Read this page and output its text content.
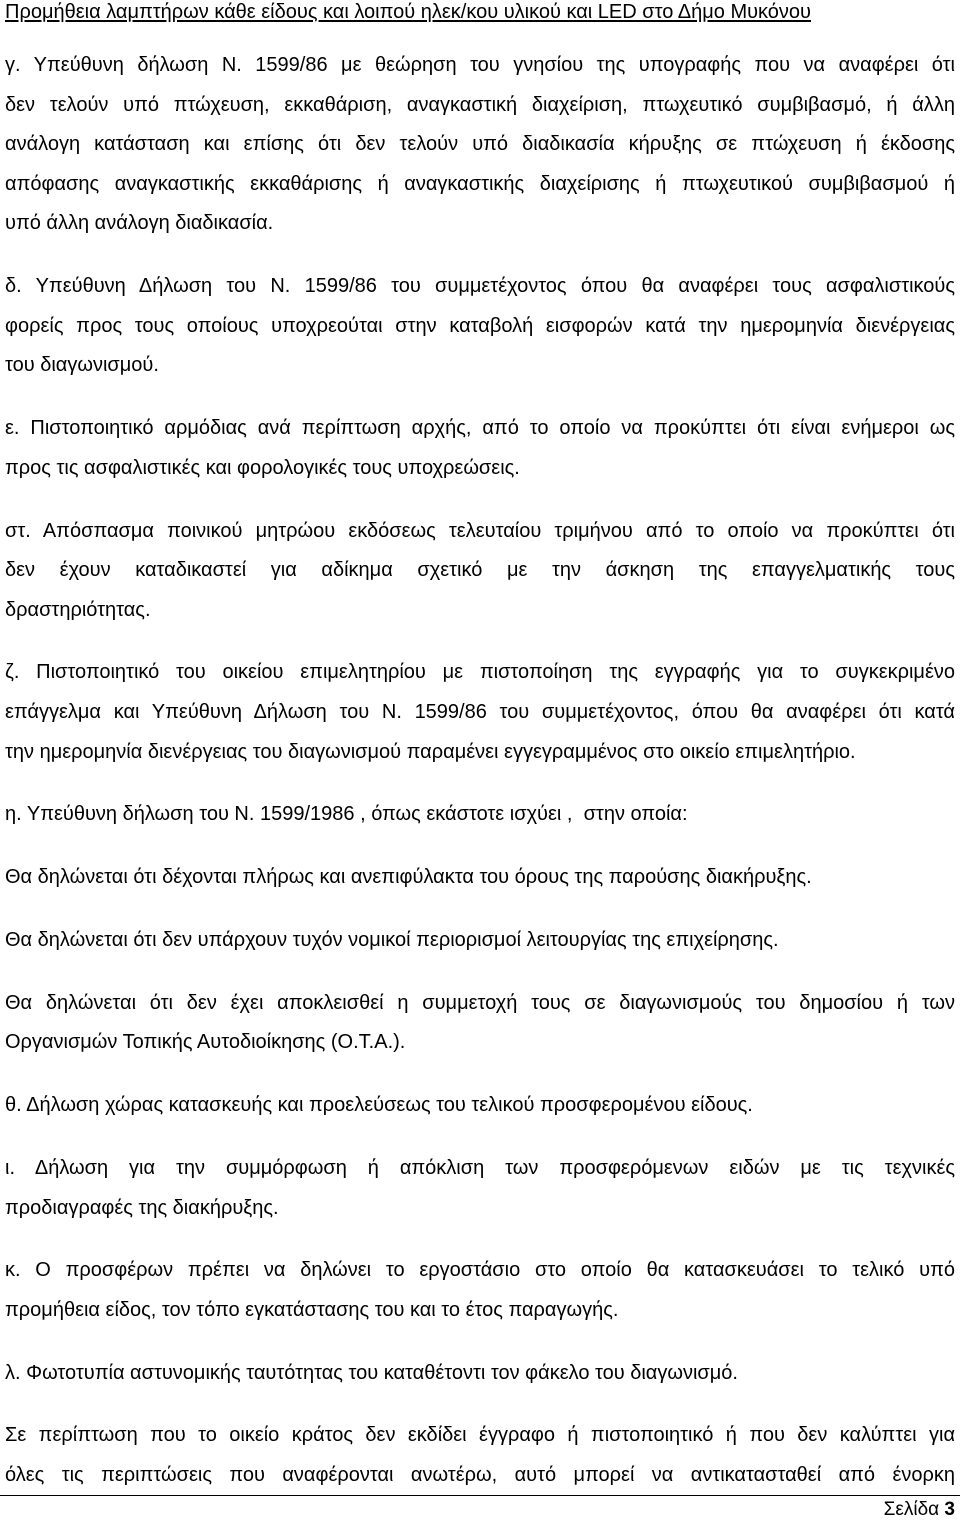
Προμήθεια λαμπτήρων κάθε είδους και λοιπού ηλεκ/κου υλικού και LED στο Δήμο Μυκόνου
γ. Υπεύθυνη δήλωση Ν. 1599/86 με θεώρηση του γνησίου της υπογραφής που να αναφέρει ότι
δεν τελούν υπό πτώχευση, εκκαθάριση, αναγκαστική διαχείριση, πτωχευτικό συμβιβασμό, ή άλλη
ανάλογη κατάσταση και επίσης ότι δεν τελούν υπό διαδικασία κήρυξης σε πτώχευση ή έκδοσης
απόφασης αναγκαστικής εκκαθάρισης ή αναγκαστικής διαχείρισης ή πτωχευτικού συμβιβασμού ή
υπό άλλη ανάλογη διαδικασία.
δ. Υπεύθυνη Δήλωση του Ν. 1599/86 του συμμετέχοντος όπου θα αναφέρει τους ασφαλιστικούς
φορείς προς τους οποίους υποχρεούται στην καταβολή εισφορών κατά την ημερομηνία διενέργειας
του διαγωνισμού.
ε. Πιστοποιητικό αρμόδιας ανά περίπτωση αρχής, από το οποίο να προκύπτει ότι είναι ενήμεροι ως
προς τις ασφαλιστικές και φορολογικές τους υποχρεώσεις.
στ. Απόσπασμα ποινικού μητρώου εκδόσεως τελευταίου τριμήνου από το οποίο να προκύπτει ότι
δεν έχουν καταδικαστεί για αδίκημα σχετικό με την άσκηση της επαγγελματικής τους
δραστηριότητας.
ζ. Πιστοποιητικό του οικείου επιμελητηρίου με πιστοποίηση της εγγραφής για το συγκεκριμένο
επάγγελμα και Υπεύθυνη Δήλωση του Ν. 1599/86 του συμμετέχοντος, όπου θα αναφέρει ότι κατά
την ημερομηνία διενέργειας του διαγωνισμού παραμένει εγγεγραμμένος στο οικείο επιμελητήριο.
η. Υπεύθυνη δήλωση του Ν. 1599/1986 , όπως εκάστοτε ισχύει ,  στην οποία:
Θα δηλώνεται ότι δέχονται πλήρως και ανεπιφύλακτα του όρους της παρούσης διακήρυξης.
Θα δηλώνεται ότι δεν υπάρχουν τυχόν νομικοί περιορισμοί λειτουργίας της επιχείρησης.
Θα δηλώνεται ότι δεν έχει αποκλεισθεί η συμμετοχή τους σε διαγωνισμούς του δημοσίου ή των
Οργανισμών Τοπικής Αυτοδιοίκησης (Ο.Τ.Α.).
θ. Δήλωση χώρας κατασκευής και προελεύσεως του τελικού προσφερομένου είδους.
ι. Δήλωση για την συμμόρφωση ή απόκλιση των προσφερόμενων ειδών με τις τεχνικές
προδιαγραφές της διακήρυξης.
κ. Ο προσφέρων πρέπει να δηλώνει το εργοστάσιο στο οποίο θα κατασκευάσει το τελικό υπό
προμήθεια είδος, τον τόπο εγκατάστασης του και το έτος παραγωγής.
λ. Φωτοτυπία αστυνομικής ταυτότητας του καταθέτοντι τον φάκελο του διαγωνισμό.
Σε περίπτωση που το οικείο κράτος δεν εκδίδει έγγραφο ή πιστοποιητικό ή που δεν καλύπτει για
όλες τις περιπτώσεις που αναφέρονται ανωτέρω, αυτό μπορεί να αντικατασταθεί από ένορκη
Σελίδα 3
